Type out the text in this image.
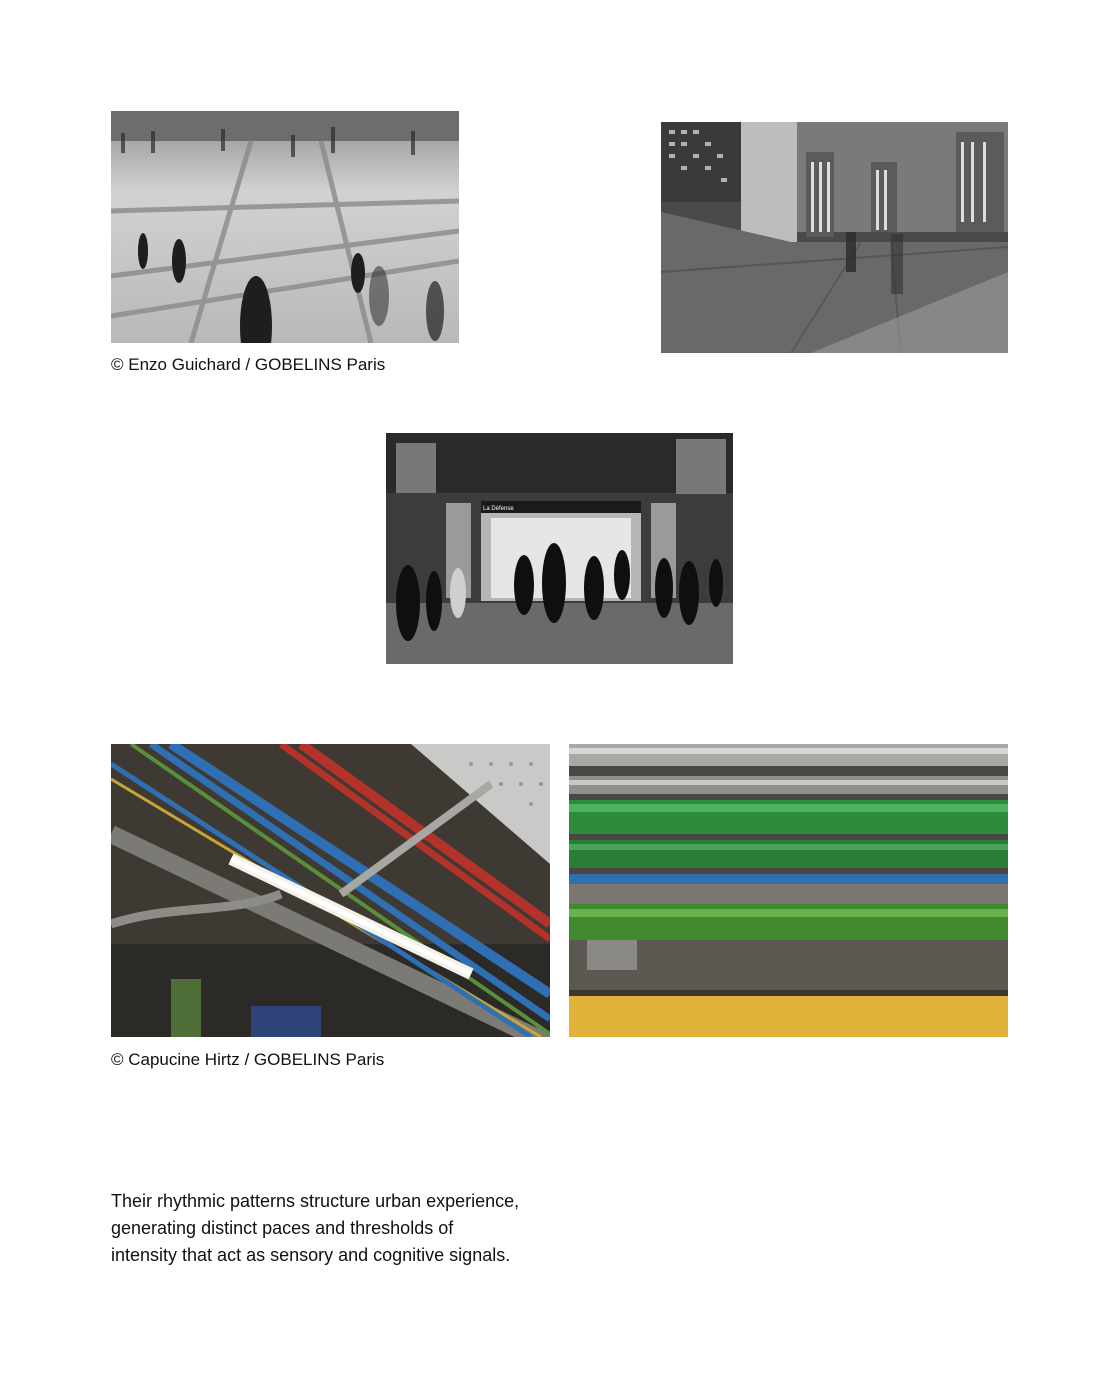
© Enzo Guichard / GOBELINS Paris
La Défense
© Capucine Hirtz / GOBELINS Paris

Their rhythmic patterns structure urban experience,

generating distinct paces and thresholds of

intensity that act as sensory and cognitive signals.
